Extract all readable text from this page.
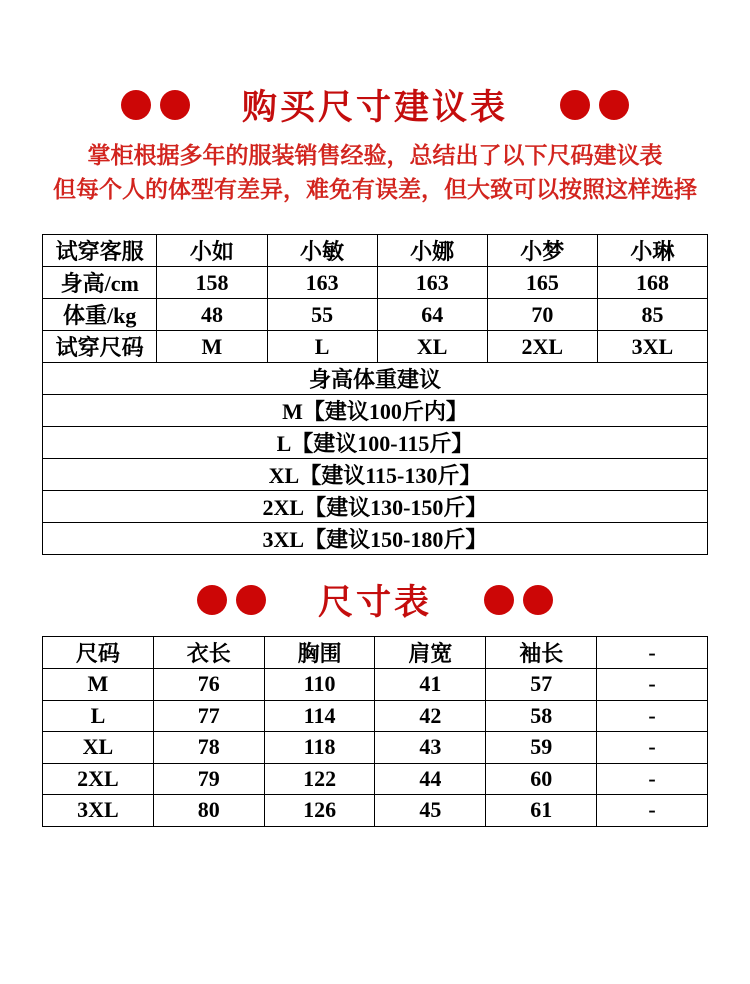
购买尺寸建议表
掌柜根据多年的服装销售经验，总结出了以下尺码建议表
但每个人的体型有差异，难免有误差，但大致可以按照这样选择
试穿客服	小如	小敏	小娜	小梦	小琳
身高/cm	158	163	163	165	168
体重/kg	48	55	64	70	85
试穿尺码	M	L	XL	2XL	3XL
身高体重建议					
M【建议100斤内】					
L【建议100-115斤】					
XL【建议115-130斤】					
2XL【建议130-150斤】					
3XL【建议150-180斤】					
尺寸表
尺码	衣长	胸围	肩宽	袖长	-
M	76	110	41	57	-
L	77	114	42	58	-
XL	78	118	43	59	-
2XL	79	122	44	60	-
3XL	80	126	45	61	-
